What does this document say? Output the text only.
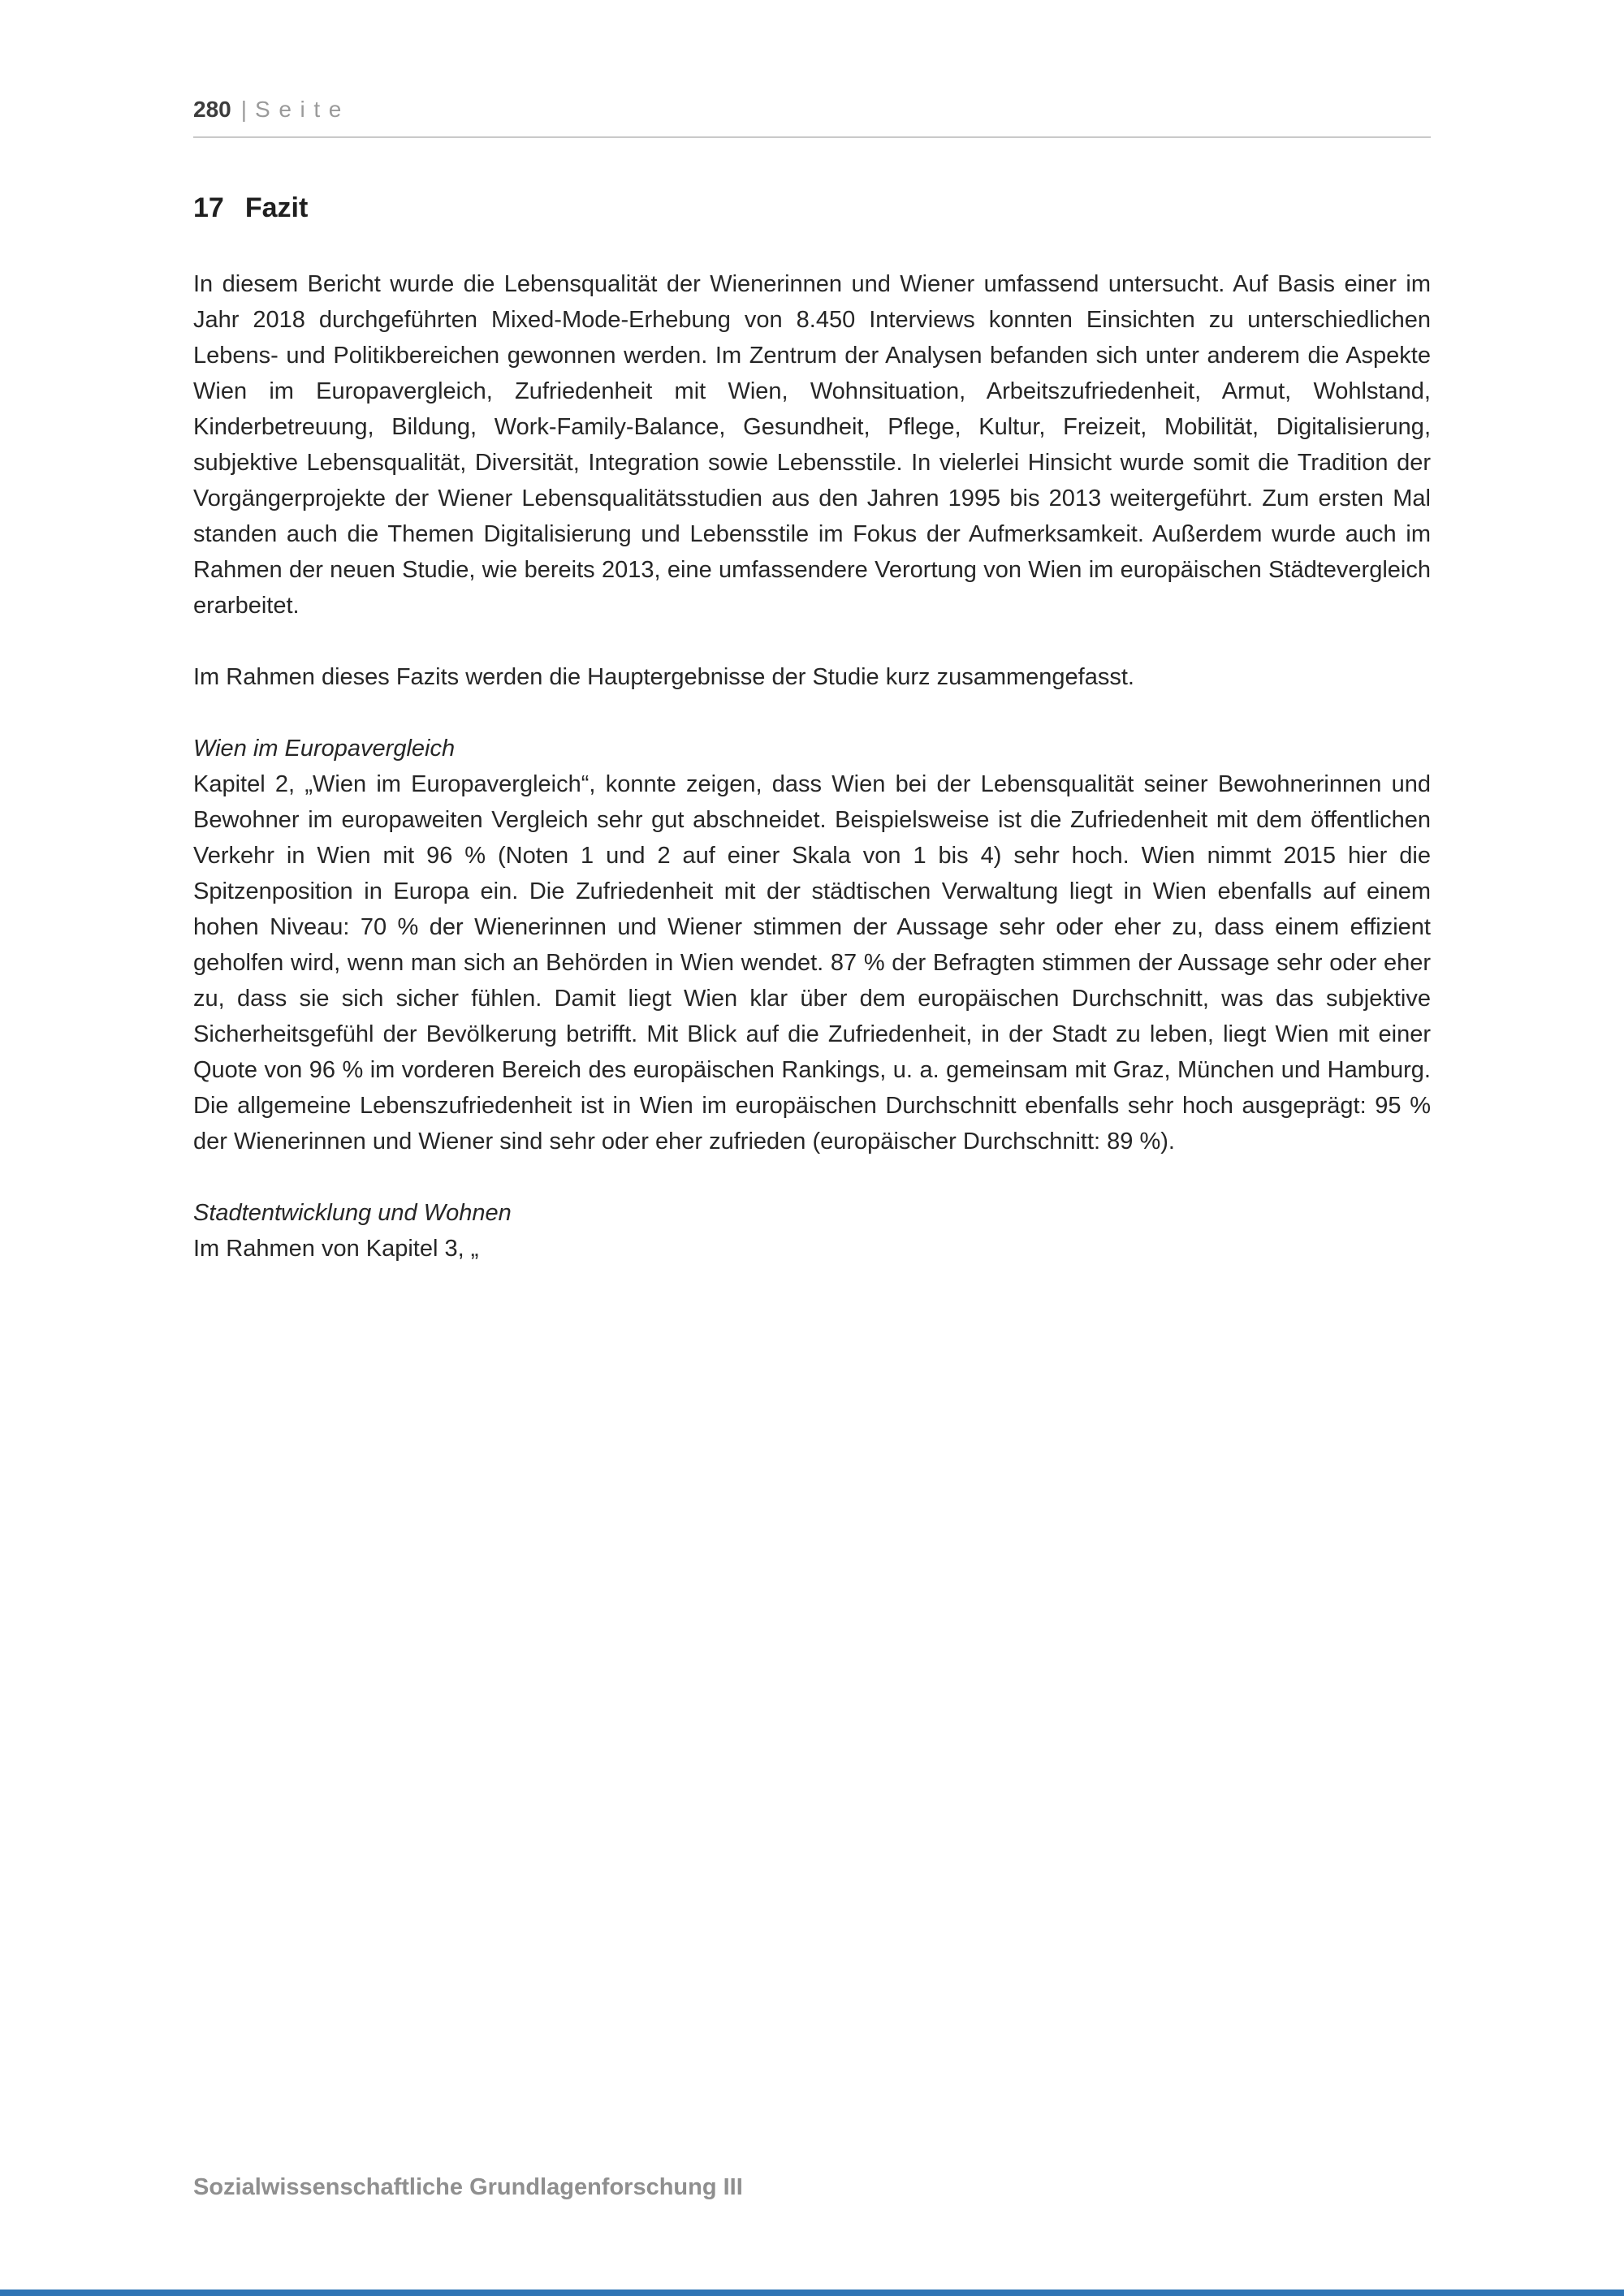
280 | Seite
17 Fazit

In diesem Bericht wurde die Lebensqualität der Wienerinnen und Wiener umfassend untersucht. Auf Basis einer im Jahr 2018 durchgeführten Mixed-Mode-Erhebung von 8.450 Interviews konnten Einsichten zu unterschiedlichen Lebens- und Politikbereichen gewonnen werden. Im Zentrum der Analysen befanden sich unter anderem die Aspekte Wien im Europavergleich, Zufriedenheit mit Wien, Wohnsituation, Arbeitszufriedenheit, Armut, Wohlstand, Kinderbetreuung, Bildung, Work-Family-Balance, Gesundheit, Pflege, Kultur, Freizeit, Mobilität, Digitalisierung, subjektive Lebensqualität, Diversität, Integration sowie Lebensstile. In vielerlei Hinsicht wurde somit die Tradition der Vorgängerprojekte der Wiener Lebensqualitätsstudien aus den Jahren 1995 bis 2013 weitergeführt. Zum ersten Mal standen auch die Themen Digitalisierung und Lebensstile im Fokus der Aufmerksamkeit. Außerdem wurde auch im Rahmen der neuen Studie, wie bereits 2013, eine umfassendere Verortung von Wien im europäischen Städtevergleich erarbeitet.

Im Rahmen dieses Fazits werden die Hauptergebnisse der Studie kurz zusammengefasst.

Wien im Europavergleich

Kapitel 2, „Wien im Europavergleich“, konnte zeigen, dass Wien bei der Lebensqualität seiner Bewohnerinnen und Bewohner im europaweiten Vergleich sehr gut abschneidet. Beispielsweise ist die Zufriedenheit mit dem öffentlichen Verkehr in Wien mit 96 % (Noten 1 und 2 auf einer Skala von 1 bis 4) sehr hoch. Wien nimmt 2015 hier die Spitzenposition in Europa ein. Die Zufriedenheit mit der städtischen Verwaltung liegt in Wien ebenfalls auf einem hohen Niveau: 70 % der Wienerinnen und Wiener stimmen der Aussage sehr oder eher zu, dass einem effizient geholfen wird, wenn man sich an Behörden in Wien wendet. 87 % der Befragten stimmen der Aussage sehr oder eher zu, dass sie sich sicher fühlen. Damit liegt Wien klar über dem europäischen Durchschnitt, was das subjektive Sicherheitsgefühl der Bevölkerung betrifft. Mit Blick auf die Zufriedenheit, in der Stadt zu leben, liegt Wien mit einer Quote von 96 % im vorderen Bereich des europäischen Rankings, u. a. gemeinsam mit Graz, München und Hamburg. Die allgemeine Lebenszufriedenheit ist in Wien im europäischen Durchschnitt ebenfalls sehr hoch ausgeprägt: 95 % der Wienerinnen und Wiener sind sehr oder eher zufrieden (europäischer Durchschnitt: 89 %).

Stadtentwicklung und Wohnen

Im Rahmen von Kapitel 3, „

Sozialwissenschaftliche Grundlagenforschung III
